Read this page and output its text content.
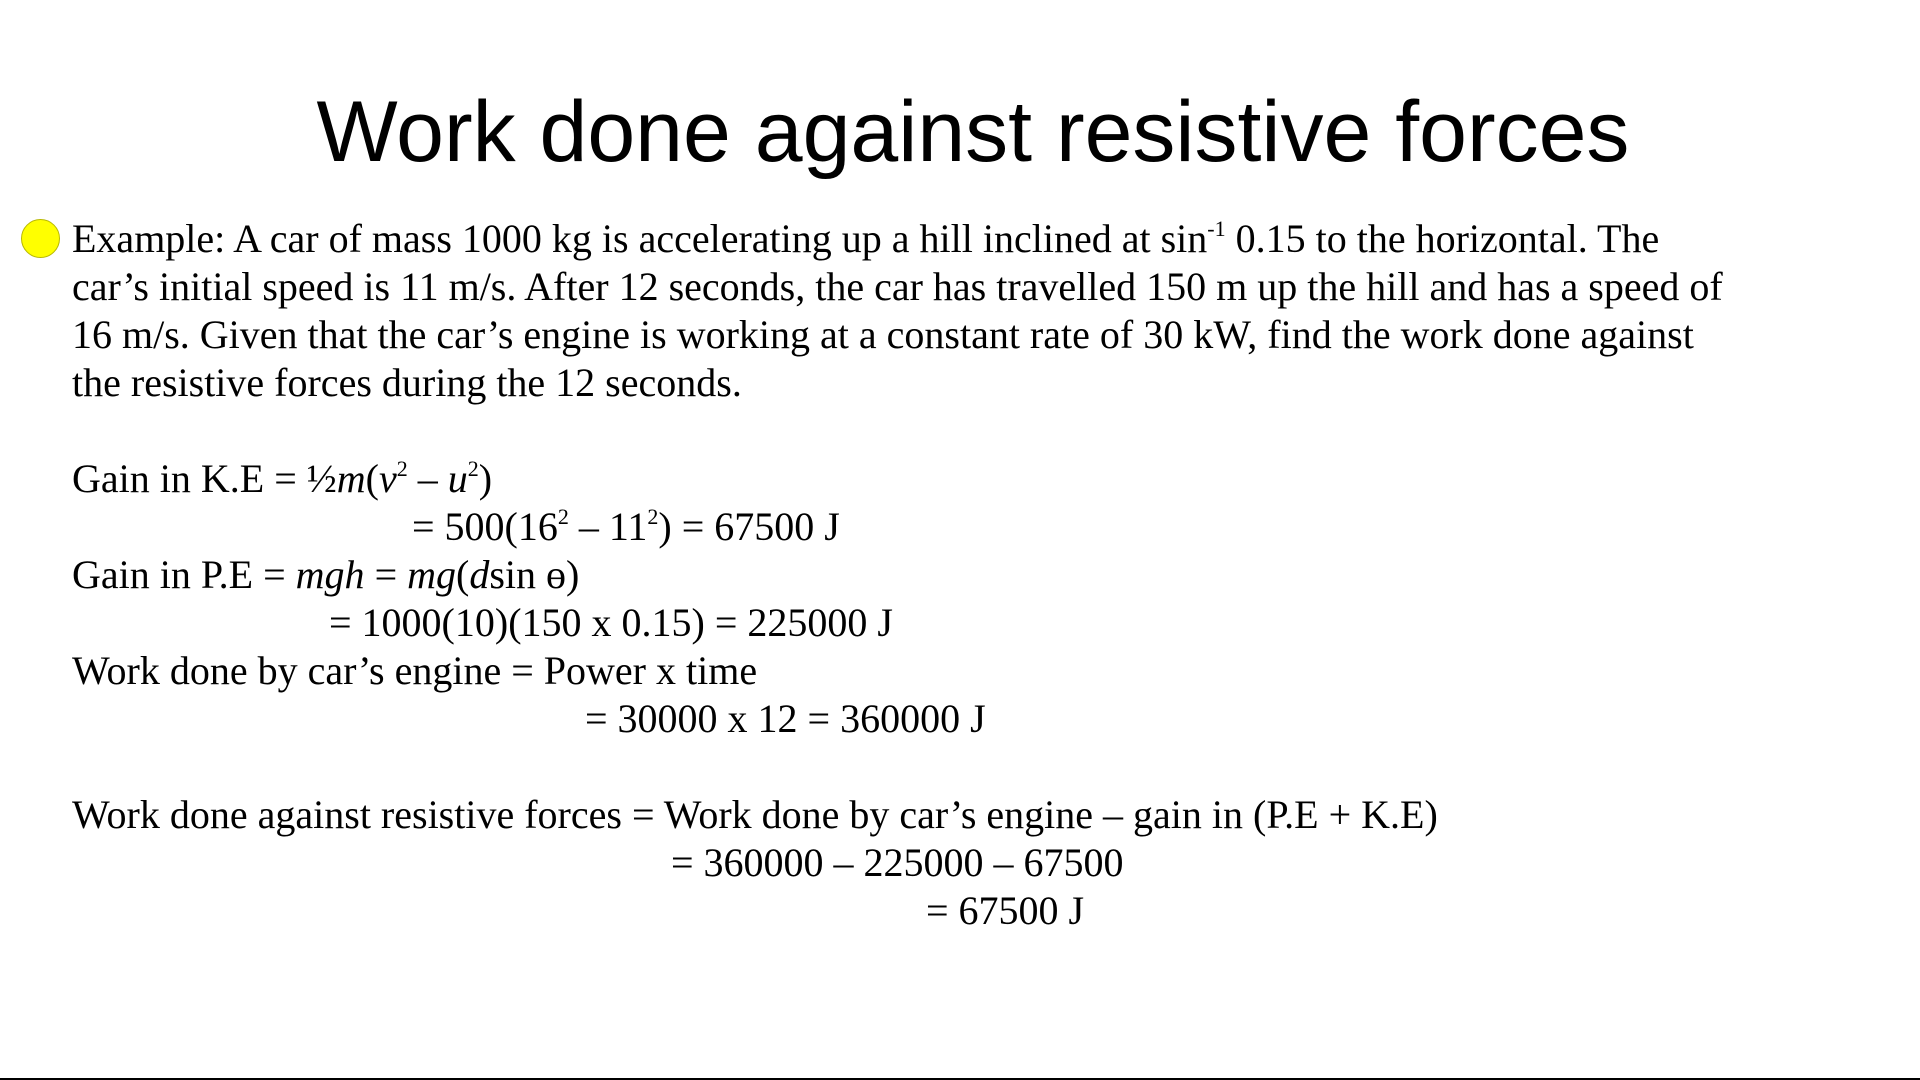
Work done against resistive forces
Example: A car of mass 1000 kg is accelerating up a hill inclined at $\sin^{-1} 0.15$ to the horizontal. The
car’s initial speed is 11 m/s. After 12 seconds, the car has travelled 150 m up the hill and has a speed of
16 m/s. Given that the car’s engine is working at a constant rate of 30 kW, find the work done against
the resistive forces during the 12 seconds.
Gain in $K.E = \frac{1}{2}m(v^2 - u^2)$
= $500(16^2 - 11^2) = 67500$ J
Gain in P.E = mgh = mg(dsin ɵ)
= 1000(10)(150 x 0.15) = 225000 J
Work done by car’s engine = Power x time
= 30000 x 12 = 360000 J
Work done against resistive forces = Work done by car’s engine – gain in (P.E + K.E)
= 360000 – 225000 – 67500
= 67500 J
